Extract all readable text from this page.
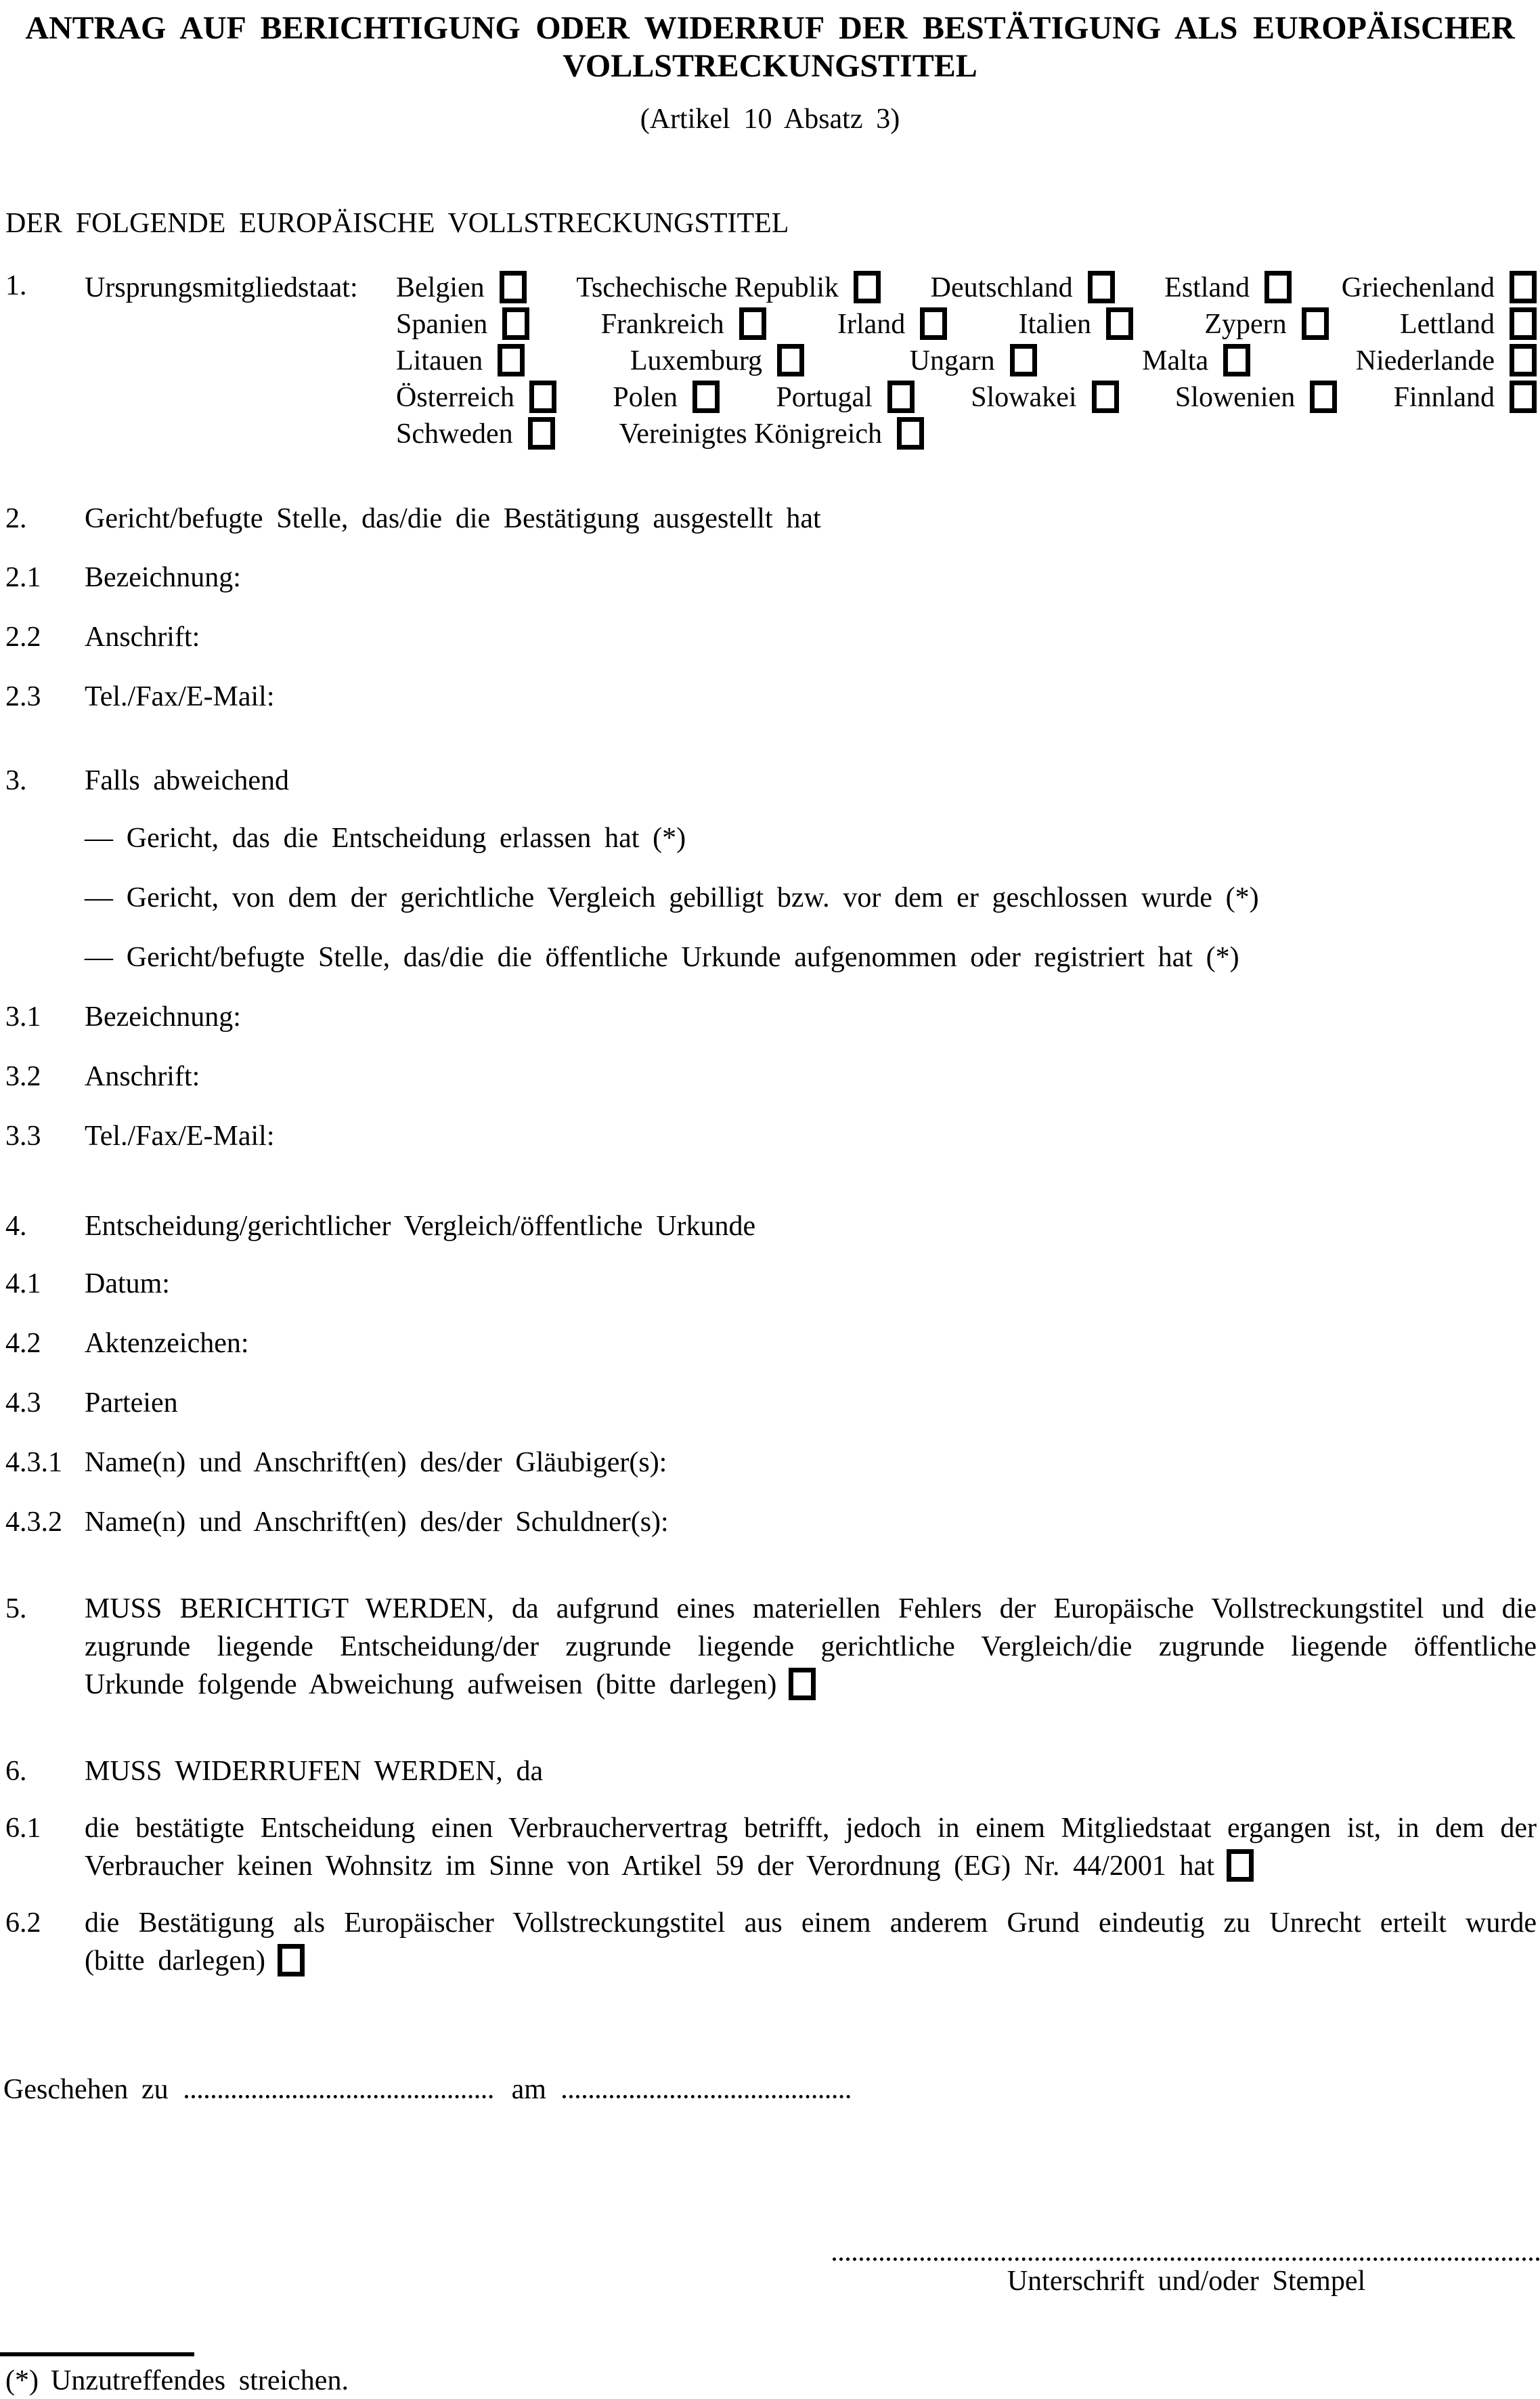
ANTRAG AUF BERICHTIGUNG ODER WIDERRUF DER BESTÄTIGUNG ALS EUROPÄISCHER
VOLLSTRECKUNGSTITEL
(Artikel 10 Absatz 3)
DER FOLGENDE EUROPÄISCHE VOLLSTRECKUNGSTITEL
1. Ursprungsmitgliedstaat: Belgien	Tschechische Republik	Deutschland	Estland	Griechenland
Spanien	Frankreich	Irland	Italien	Zypern	Lettland
Litauen	Luxemburg	Ungarn	Malta	Niederlande
Österreich	Polen	Portugal	Slowakei	Slowenien	Finnland
Schweden	Vereinigtes Königreich
2. Gericht/befugte Stelle, das/die die Bestätigung ausgestellt hat
2.1 Bezeichnung:
2.2 Anschrift:
2.3 Tel./Fax/E-Mail:
3. Falls abweichend
— Gericht, das die Entscheidung erlassen hat (*)
— Gericht, von dem der gerichtliche Vergleich gebilligt bzw. vor dem er geschlossen wurde (*)
— Gericht/befugte Stelle, das/die die öffentliche Urkunde aufgenommen oder registriert hat (*)
3.1 Bezeichnung:
3.2 Anschrift:
3.3 Tel./Fax/E-Mail:
4. Entscheidung/gerichtlicher Vergleich/öffentliche Urkunde
4.1 Datum:
4.2 Aktenzeichen:
4.3 Parteien
4.3.1 Name(n) und Anschrift(en) des/der Gläubiger(s):
4.3.2 Name(n) und Anschrift(en) des/der Schuldner(s):
5. MUSS BERICHTIGT WERDEN, da aufgrund eines materiellen Fehlers der Europäische Vollstreckungstitel und die
zugrunde liegende Entscheidung/der zugrunde liegende gerichtliche Vergleich/die zugrunde liegende öffentliche
Urkunde folgende Abweichung aufweisen (bitte darlegen)
6. MUSS WIDERRUFEN WERDEN, da
6.1 die bestätigte Entscheidung einen Verbrauchervertrag betrifft, jedoch in einem Mitgliedstaat ergangen ist, in dem der
Verbraucher keinen Wohnsitz im Sinne von Artikel 59 der Verordnung (EG) Nr. 44/2001 hat
6.2 die Bestätigung als Europäischer Vollstreckungstitel aus einem anderem Grund eindeutig zu Unrecht erteilt wurde
(bitte darlegen)
Geschehen zu	am
Unterschrift und/oder Stempel
(*) Unzutreffendes streichen.
